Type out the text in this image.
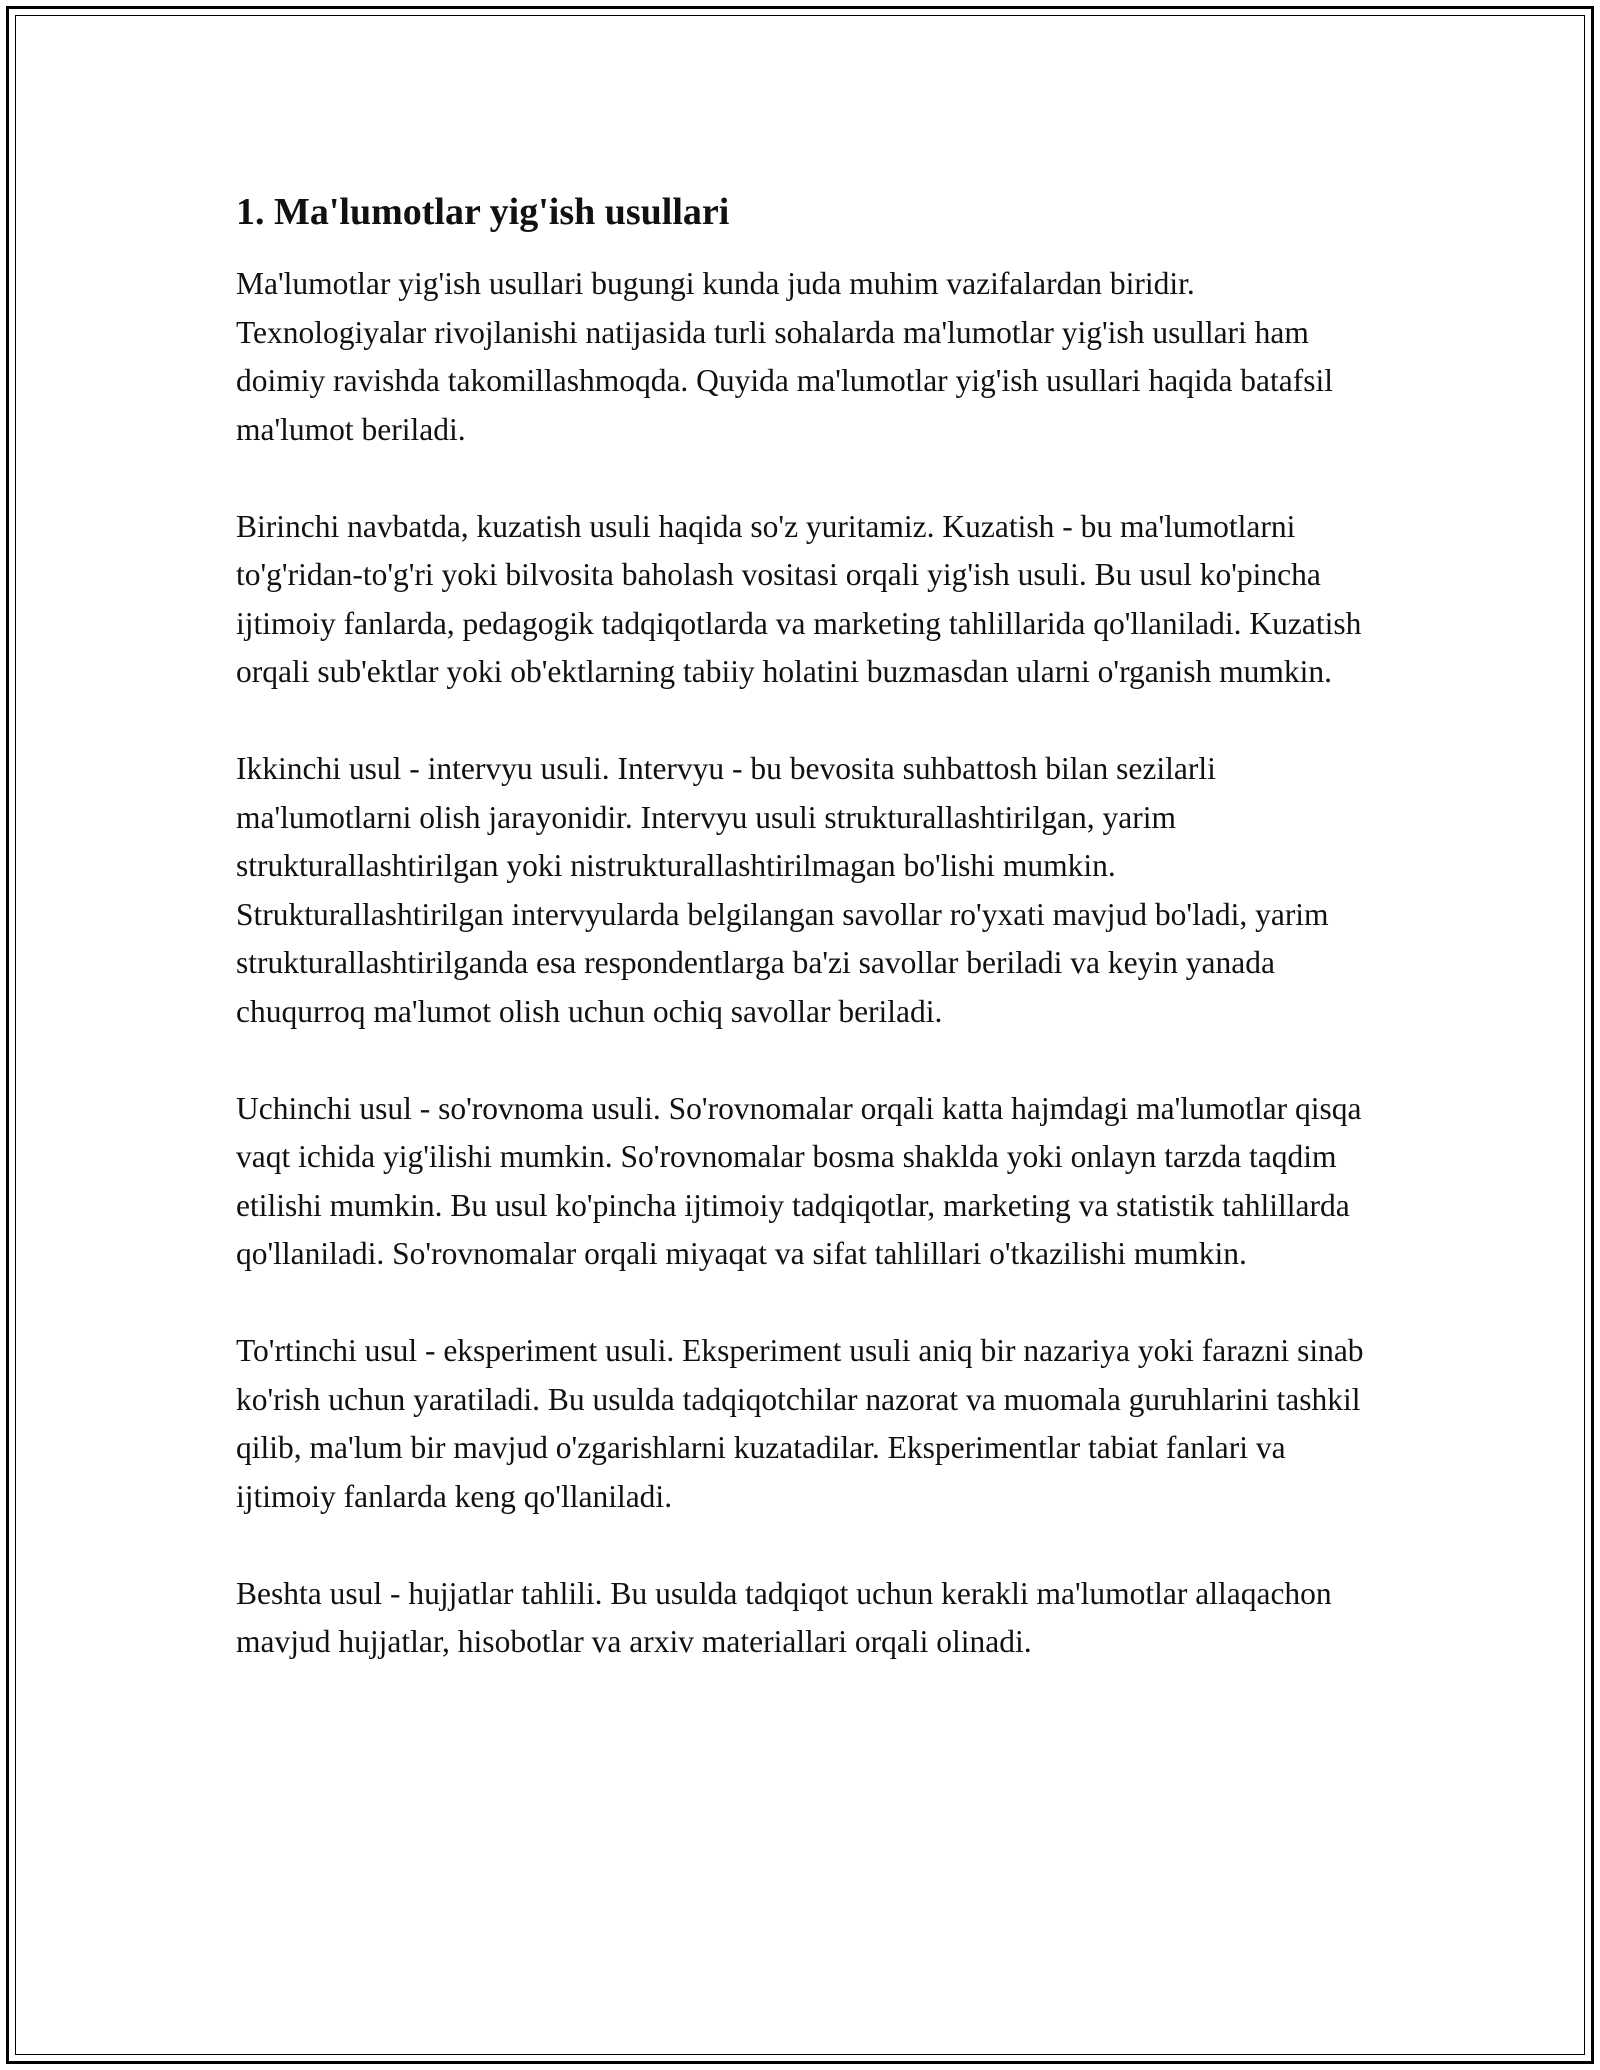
1. Ma'lumotlar yig'ish usullari

Ma'lumotlar yig'ish usullari bugungi kunda juda muhim vazifalardan biridir. Texnologiyalar rivojlanishi natijasida turli sohalarda ma'lumotlar yig'ish usullari ham doimiy ravishda takomillashmoqda. Quyida ma'lumotlar yig'ish usullari haqida batafsil ma'lumot beriladi.

Birinchi navbatda, kuzatish usuli haqida so'z yuritamiz. Kuzatish - bu ma'lumotlarni to'g'ridan-to'g'ri yoki bilvosita baholash vositasi orqali yig'ish usuli. Bu usul ko'pincha ijtimoiy fanlarda, pedagogik tadqiqotlarda va marketing tahlillarida qo'llaniladi. Kuzatish orqali sub'ektlar yoki ob'ektlarning tabiiy holatini buzmasdan ularni o'rganish mumkin.

Ikkinchi usul - intervyu usuli. Intervyu - bu bevosita suhbattosh bilan sezilarli ma'lumotlarni olish jarayonidir. Intervyu usuli strukturallashtirilgan, yarim strukturallashtirilgan yoki nistrukturallashtirilmagan bo'lishi mumkin. Strukturallashtirilgan intervyularda belgilangan savollar ro'yxati mavjud bo'ladi, yarim strukturallashtirilganda esa respondentlarga ba'zi savollar beriladi va keyin yanada chuqurroq ma'lumot olish uchun ochiq savollar beriladi.

Uchinchi usul - so'rovnoma usuli. So'rovnomalar orqali katta hajmdagi ma'lumotlar qisqa vaqt ichida yig'ilishi mumkin. So'rovnomalar bosma shaklda yoki onlayn tarzda taqdim etilishi mumkin. Bu usul ko'pincha ijtimoiy tadqiqotlar, marketing va statistik tahlillarda qo'llaniladi. So'rovnomalar orqali miyaqat va sifat tahlillari o'tkazilishi mumkin.

To'rtinchi usul - eksperiment usuli. Eksperiment usuli aniq bir nazariya yoki farazni sinab ko'rish uchun yaratiladi. Bu usulda tadqiqotchilar nazorat va muomala guruhlarini tashkil qilib, ma'lum bir mavjud o'zgarishlarni kuzatadilar. Eksperimentlar tabiat fanlari va ijtimoiy fanlarda keng qo'llaniladi.

Beshta usul - hujjatlar tahlili. Bu usulda tadqiqot uchun kerakli ma'lumotlar allaqachon mavjud hujjatlar, hisobotlar va arxiv materiallari orqali olinadi.
